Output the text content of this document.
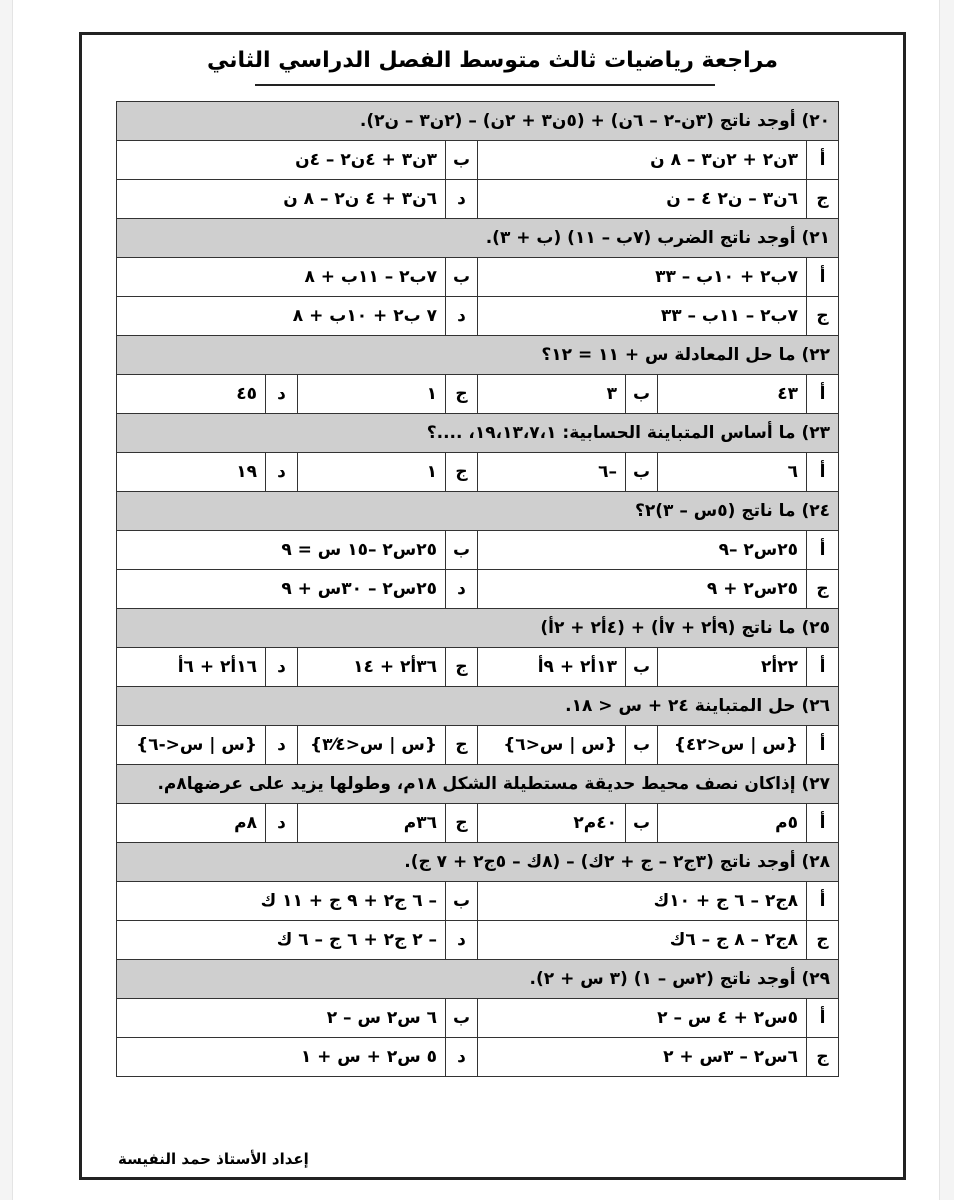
مراجعة رياضيات ثالث متوسط الفصل الدراسي الثاني
٢٠) أوجد ناتج (٣ن-٢ – ٦ن) + (٥ن٣ + ٢ن) – (٢ن٣ – ن٢).							
أ	٣ن٢ + ٢ن٣ – ٨ ن			ب	٣ن٣ + ٤ن٢ – ٤ن		
ج	٦ن٣ – ن٢ ٤ – ن			د	٦ن٣ + ٤ ن٢ – ٨ ن		
٢١) أوجد ناتج الضرب (٧ب – ١١) (ب + ٣).							
أ	٧ب٢ + ١٠ب – ٣٣			ب	٧ب٢ – ١١ب + ٨		
ج	٧ب٢ – ١١ب – ٣٣			د	٧ ب٢ + ١٠ب + ٨		
٢٢) ما حل المعادلة س + ١١ = ١٢؟							
أ	٤٣	ب	٣	ج	١	د	٤٥
٢٣) ما أساس المتباينة الحسابية: ١٩،١٣،٧،١، ....؟							
أ	٦	ب	–٦	ج	١	د	١٩
٢٤) ما ناتج (٥س – ٣)٢؟							
أ	٢٥س٢ –٩			ب	٢٥س٢ –١٥ س = ٩		
ج	٢٥س٢ + ٩			د	٢٥س٢ – ٣٠س + ٩		
٢٥) ما ناتج (٩أ٢ + ٧أ) + (٤أ٢ + ٢أ)							
أ	٢٢أ٢	ب	١٣أ٢ + ٩أ	ج	٣٦أ٢ + ١٤	د	١٦أ٢ + ٦أ
٢٦) حل المتباينة ٢٤ + س < ١٨.							
أ	{س | س<٤٢}	ب	{س | س<٦}	ج	{س | س<٣⁄٤}	د	{س | س<-٦}
٢٧) إذاكان نصف محيط حديقة مستطيلة الشكل ١٨م، وطولها يزيد على عرضها٨م.							
أ	٥م	ب	٤٠م٢	ج	٣٦م	د	٨م
٢٨) أوجد ناتج (٣ج٢ – ج + ٢ك) – (٨ك – ٥ج٢ + ٧ ج).							
أ	٨ج٢ – ٦ ج + ١٠ك			ب	– ٦ ج٢ + ٩ ج + ١١ ك		
ج	٨ج٢ – ٨ ج – ٦ك			د	– ٢ ج٢ + ٦ ج – ٦ ك		
٢٩) أوجد ناتج (٢س – ١) (٣ س + ٢).							
أ	٥س٢ + ٤ س – ٢			ب	٦ س٢ س – ٢		
ج	٦س٢ – ٣س + ٢			د	٥ س٢ + س + ١		
إعداد الأستاذ حمد النفيسة
